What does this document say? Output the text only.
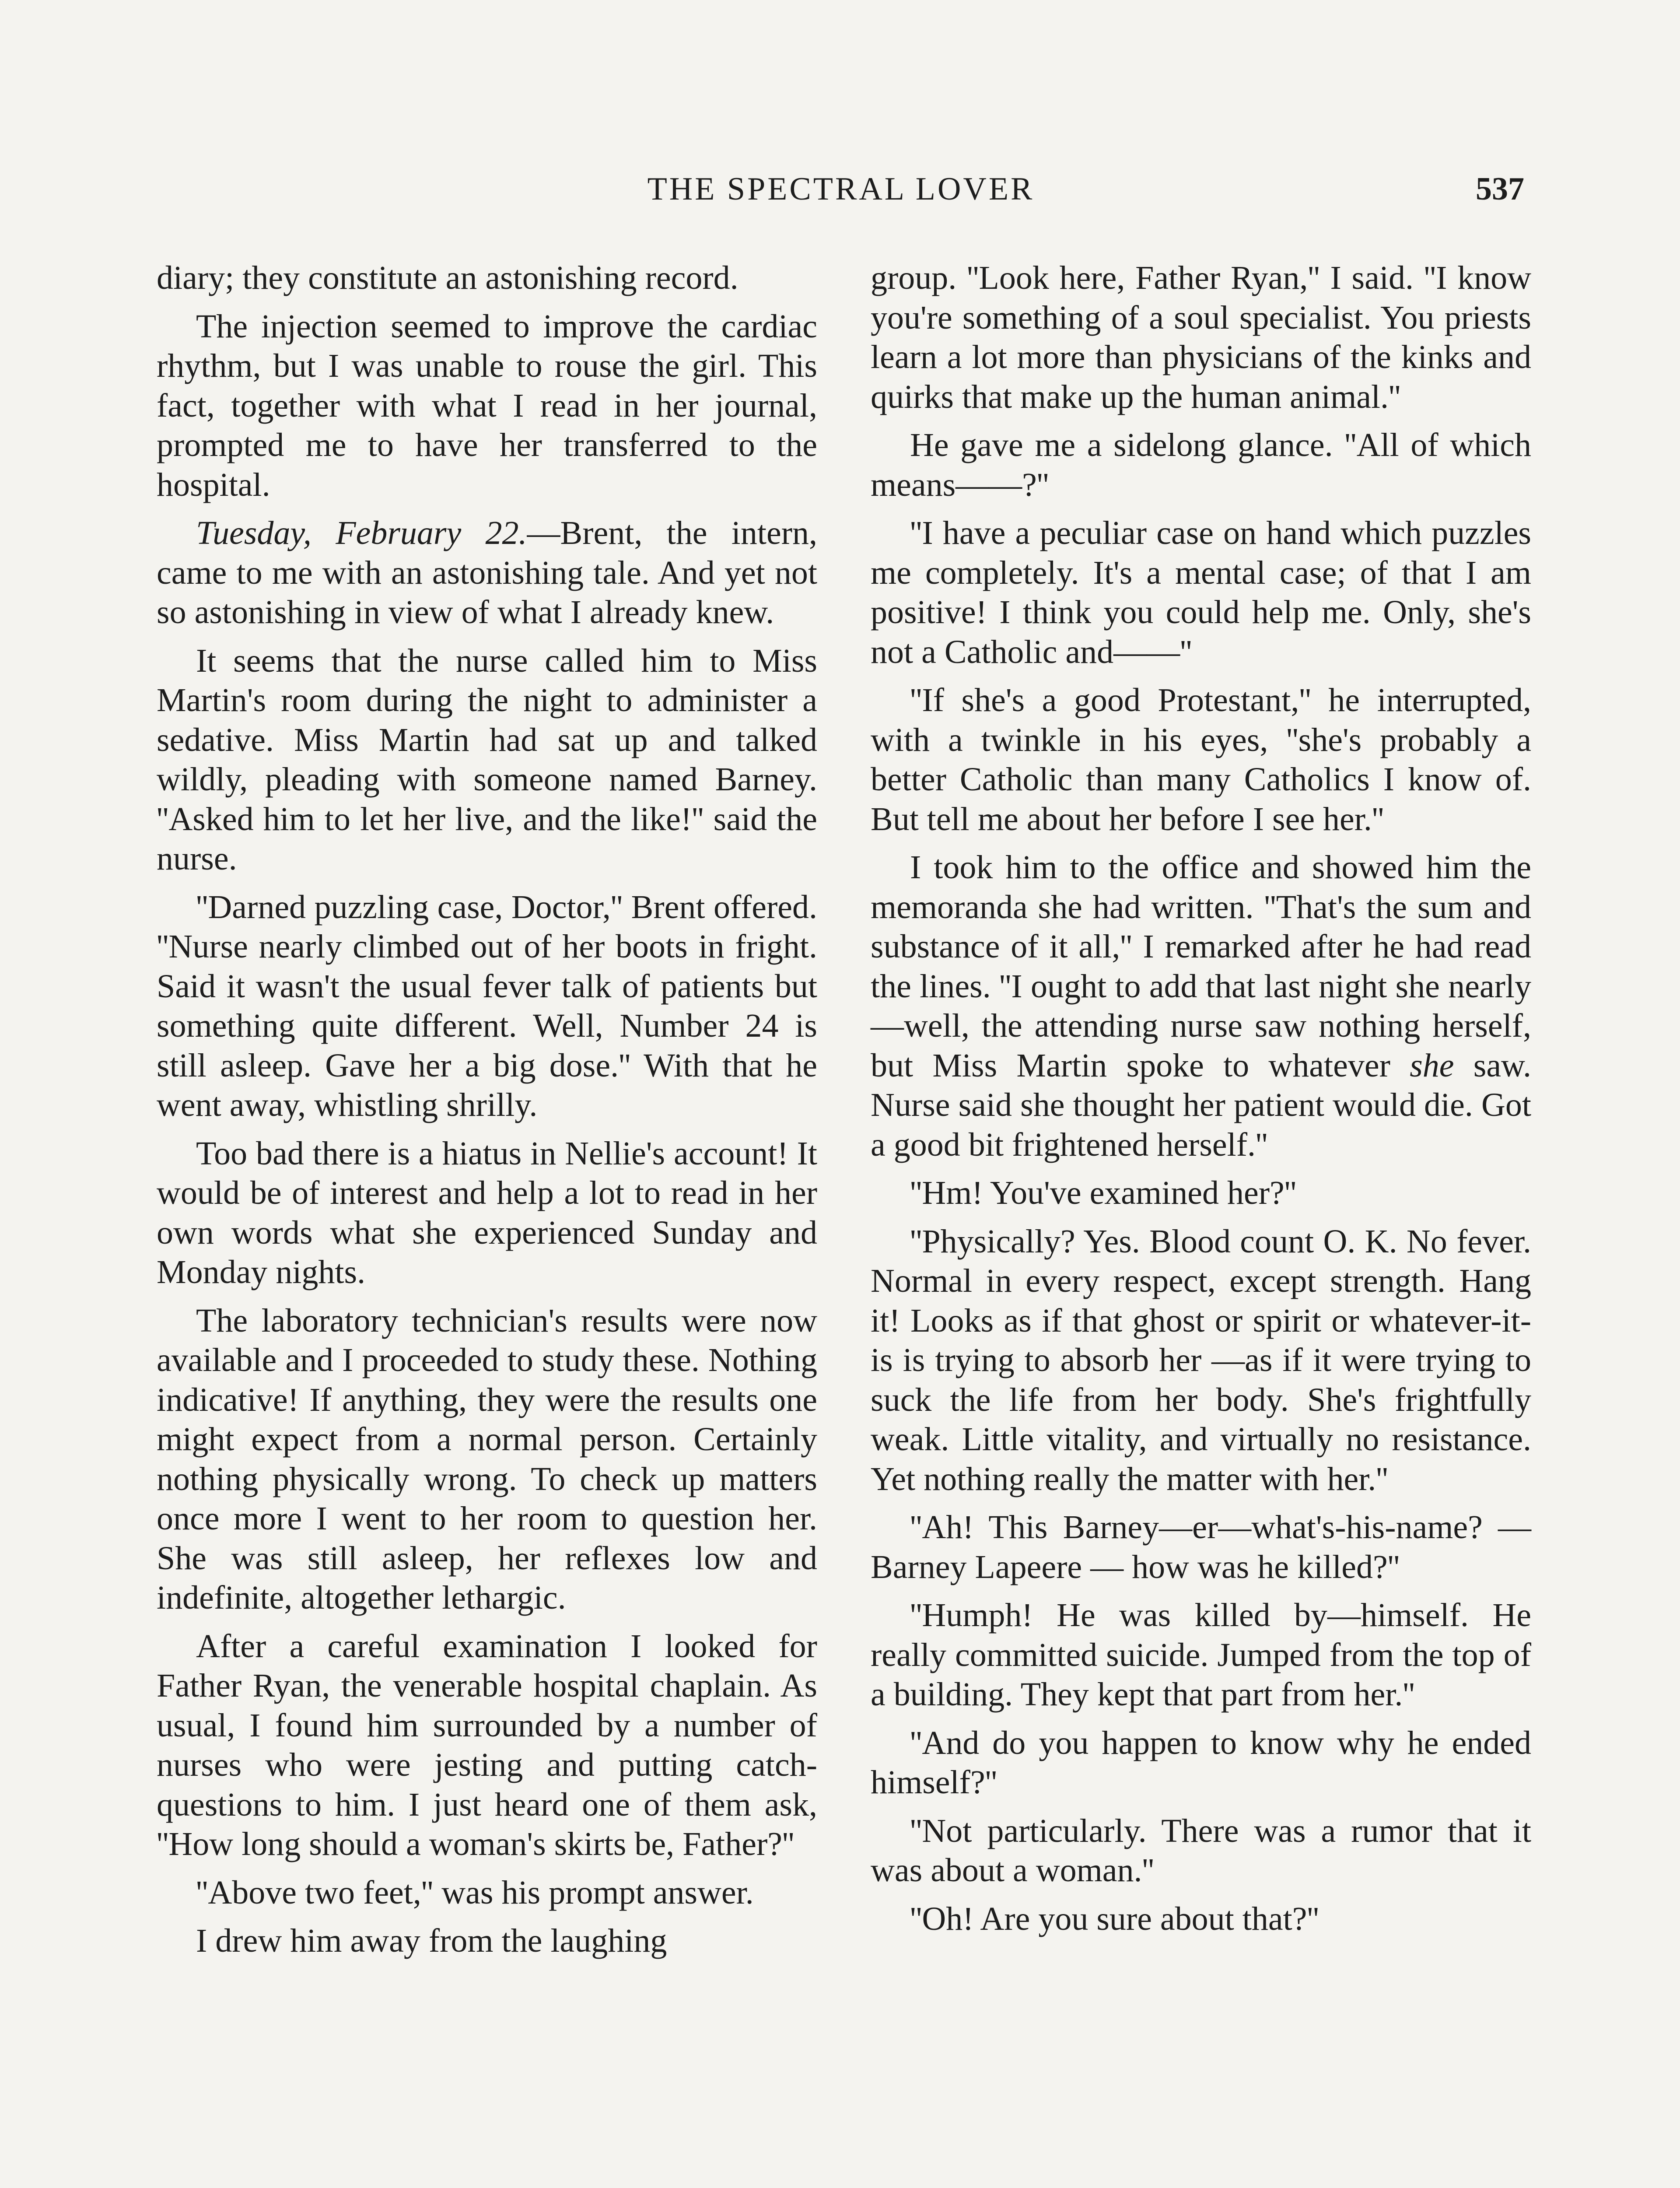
THE SPECTRAL LOVER	537

diary; they constitute an astonishing record.

The injection seemed to improve the cardiac rhythm, but I was unable to rouse the girl. This fact, together with what I read in her journal, prompted me to have her transferred to the hospital.

Tuesday, February 22.—Brent, the intern, came to me with an astonishing tale. And yet not so astonishing in view of what I already knew.

It seems that the nurse called him to Miss Martin's room during the night to administer a sedative. Miss Martin had sat up and talked wildly, pleading with someone named Barney. ''Asked him to let her live, and the like!'' said the nurse.

''Darned puzzling case, Doctor,'' Brent offered. ''Nurse nearly climbed out of her boots in fright. Said it wasn't the usual fever talk of patients but something quite different. Well, Number 24 is still asleep. Gave her a big dose.'' With that he went away, whistling shrilly.

Too bad there is a hiatus in Nellie's account! It would be of interest and help a lot to read in her own words what she experienced Sunday and Monday nights.

The laboratory technician's results were now available and I proceeded to study these. Nothing indicative! If anything, they were the results one might expect from a normal person. Certainly nothing physically wrong. To check up matters once more I went to her room to question her. She was still asleep, her reflexes low and indefinite, altogether lethargic.

After a careful examination I looked for Father Ryan, the venerable hospital chaplain. As usual, I found him surrounded by a number of nurses who were jesting and putting catch-questions to him. I just heard one of them ask, ''How long should a woman's skirts be, Father?''

''Above two feet,'' was his prompt answer.

I drew him away from the laughing

group. ''Look here, Father Ryan,'' I said. ''I know you're something of a soul specialist. You priests learn a lot more than physicians of the kinks and quirks that make up the human animal.''

He gave me a sidelong glance. ''All of which means——?''

''I have a peculiar case on hand which puzzles me completely. It's a mental case; of that I am positive! I think you could help me. Only, she's not a Catholic and——''

''If she's a good Protestant,'' he interrupted, with a twinkle in his eyes, ''she's probably a better Catholic than many Catholics I know of. But tell me about her before I see her.''

I took him to the office and showed him the memoranda she had written. ''That's the sum and substance of it all,'' I remarked after he had read the lines. ''I ought to add that last night she nearly—well, the attending nurse saw nothing herself, but Miss Martin spoke to whatever she saw. Nurse said she thought her patient would die. Got a good bit frightened herself.''

''Hm! You've examined her?''

''Physically? Yes. Blood count O. K. No fever. Normal in every respect, except strength. Hang it! Looks as if that ghost or spirit or whatever-it-is is trying to absorb her —as if it were trying to suck the life from her body. She's frightfully weak. Little vitality, and virtually no resistance. Yet nothing really the matter with her.''

''Ah! This Barney—er—what's-his-name? — Barney Lapeere — how was he killed?''

''Humph! He was killed by—himself. He really committed suicide. Jumped from the top of a building. They kept that part from her.''

''And do you happen to know why he ended himself?''

''Not particularly. There was a rumor that it was about a woman.''

''Oh! Are you sure about that?''
